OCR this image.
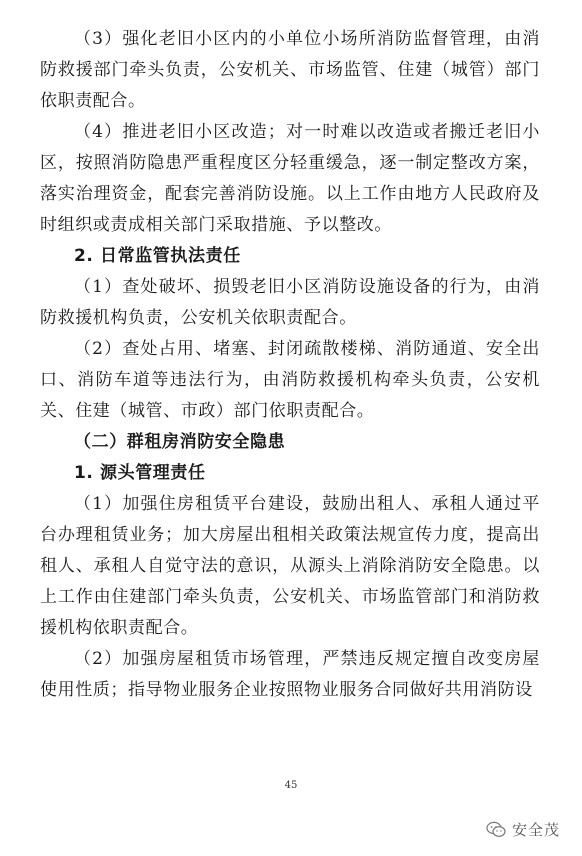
（3）强化老旧小区内的小单位小场所消防监督管理，由消防救援部门牵头负责，公安机关、市场监管、住建（城管）部门依职责配合。

（4）推进老旧小区改造；对一时难以改造或者搬迁老旧小区，按照消防隐患严重程度区分轻重缓急，逐一制定整改方案，落实治理资金，配套完善消防设施。以上工作由地方人民政府及时组织或责成相关部门采取措施、予以整改。

2. 日常监管执法责任

（1）查处破坏、损毁老旧小区消防设施设备的行为，由消防救援机构负责，公安机关依职责配合。

（2）查处占用、堵塞、封闭疏散楼梯、消防通道、安全出口、消防车道等违法行为，由消防救援机构牵头负责，公安机关、住建（城管、市政）部门依职责配合。

（二）群租房消防安全隐患

1. 源头管理责任

（1）加强住房租赁平台建设，鼓励出租人、承租人通过平台办理租赁业务；加大房屋出租相关政策法规宣传力度，提高出租人、承租人自觉守法的意识，从源头上消除消防安全隐患。以上工作由住建部门牵头负责，公安机关、市场监管部门和消防救援机构依职责配合。

（2）加强房屋租赁市场管理，严禁违反规定擅自改变房屋使用性质；指导物业服务企业按照物业服务合同做好共用消防设

45
安全茂
